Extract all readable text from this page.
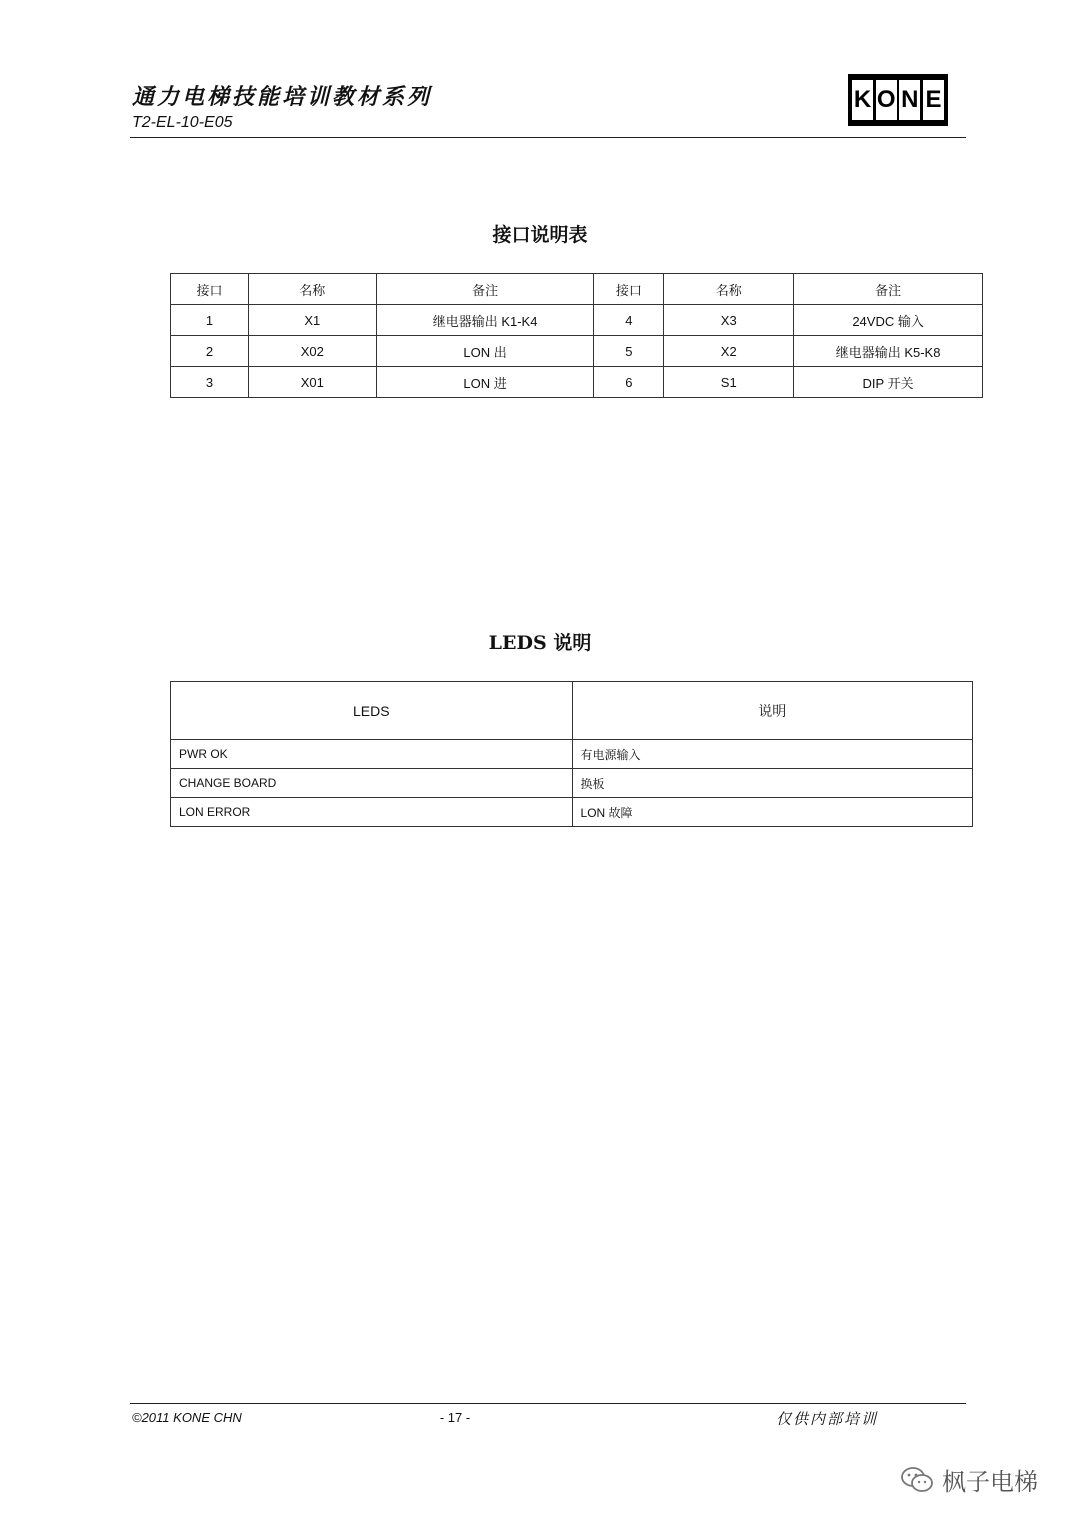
通力电梯技能培训教材系列
T2-EL-10-E05
K O N E
接口说明表
接口	名称	备注	接口	名称	备注
1	X1	继电器输出 K1-K4	4	X3	24VDC 输入
2	X02	LON 出	5	X2	继电器输出 K5-K8
3	X01	LON 进	6	S1	DIP 开关
LEDS 说明
LEDS	说明
PWR OK	有电源输入
CHANGE BOARD	换板
LON ERROR	LON 故障
©2011 KONE CHN	- 17 -	仅供内部培训
枫子电梯
